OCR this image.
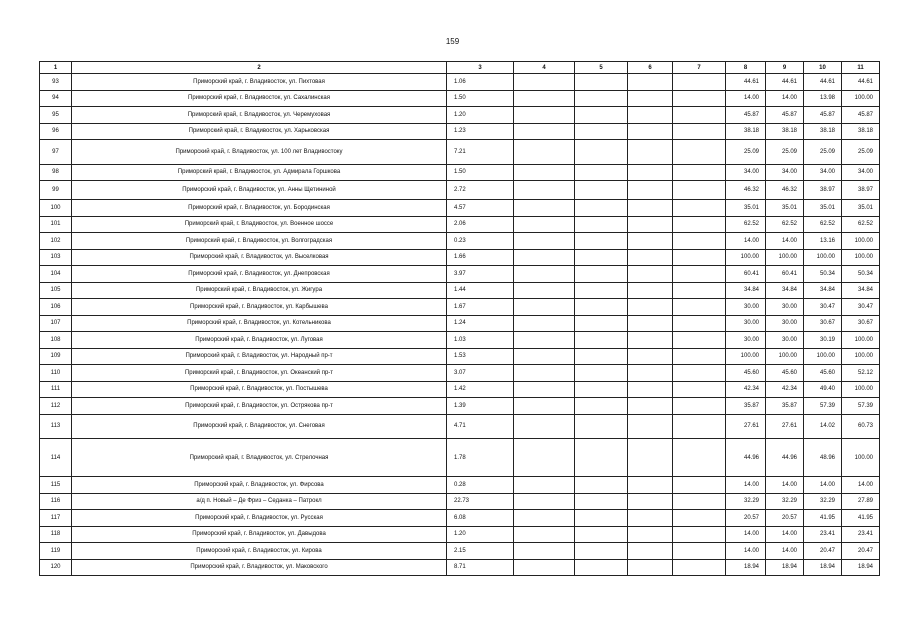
159
1	2	3	4	5	6	7	8	9	10	11
93	Приморский край, г. Владивосток, ул. Пихтовая	1.06					44.61	44.61	44.61	44.61
94	Приморский край, г. Владивосток, ул. Сахалинская	1.50					14.00	14.00	13.98	100.00
95	Приморский край, г. Владивосток, ул. Черемуховая	1.20					45.87	45.87	45.87	45.87
96	Приморский край, г. Владивосток, ул. Харьковская	1.23					38.18	38.18	38.18	38.18
97	Приморский край, г. Владивосток, ул. 100 лет Владивостоку	7.21					25.09	25.09	25.09	25.09
98	Приморский край, г. Владивосток, ул. Адмирала Горшкова	1.50					34.00	34.00	34.00	34.00
99	Приморский край, г. Владивосток, ул. Анны Щетининой	2.72					46.32	46.32	38.97	38.97
100	Приморский край, г. Владивосток, ул. Бородинская	4.57					35.01	35.01	35.01	35.01
101	Приморский край, г. Владивосток, ул. Военное шоссе	2.06					62.52	62.52	62.52	62.52
102	Приморский край, г. Владивосток, ул. Волгоградская	0.23					14.00	14.00	13.16	100.00
103	Приморский край, г. Владивосток, ул. Выселковая	1.66					100.00	100.00	100.00	100.00
104	Приморский край, г. Владивосток, ул. Днепровская	3.97					60.41	60.41	50.34	50.34
105	Приморский край, г. Владивосток, ул. Жигура	1.44					34.84	34.84	34.84	34.84
106	Приморский край, г. Владивосток, ул. Карбышева	1.67					30.00	30.00	30.47	30.47
107	Приморский край, г. Владивосток, ул. Котельникова	1.24					30.00	30.00	30.67	30.67
108	Приморский край, г. Владивосток, ул. Луговая	1.03					30.00	30.00	30.19	100.00
109	Приморский край, г. Владивосток, ул. Народный пр-т	1.53					100.00	100.00	100.00	100.00
110	Приморский край, г. Владивосток, ул. Океанский пр-т	3.07					45.60	45.60	45.60	52.12
111	Приморский край, г. Владивосток, ул. Постышева	1.42					42.34	42.34	49.40	100.00
112	Приморский край, г. Владивосток, ул. Острякова пр-т	1.39					35.87	35.87	57.39	57.39
113	Приморский край, г. Владивосток, ул. Снеговая	4.71					27.61	27.61	14.02	60.73
114	Приморский край, г. Владивосток, ул. Стрелочная	1.78					44.96	44.96	48.96	100.00
115	Приморский край, г. Владивосток, ул. Фирсова	0.28					14.00	14.00	14.00	14.00
116	а/д п. Новый – Де Фриз – Седанка – Патрокл	22.73					32.29	32.29	32.29	27.89
117	Приморский край, г. Владивосток, ул. Русская	6.08					20.57	20.57	41.95	41.95
118	Приморский край, г. Владивосток, ул. Давыдова	1.20					14.00	14.00	23.41	23.41
119	Приморский край, г. Владивосток, ул. Кирова	2.15					14.00	14.00	20.47	20.47
120	Приморский край, г. Владивосток, ул. Маковского	8.71					18.94	18.94	18.94	18.94
